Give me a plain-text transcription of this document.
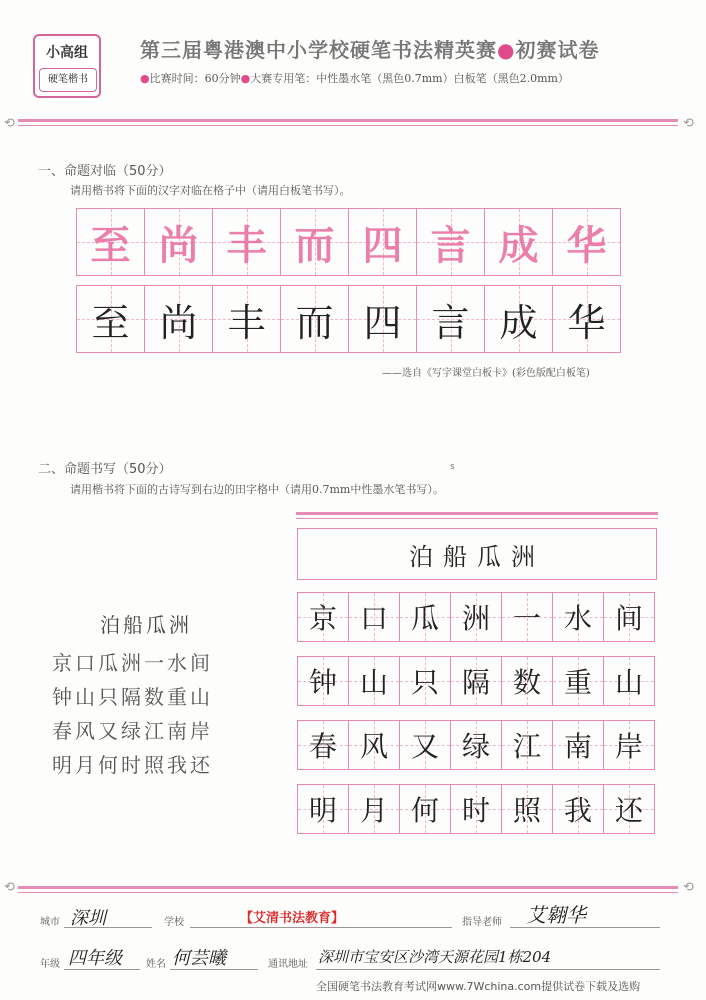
小高组
硬笔楷书
第三届粤港澳中小学校硬笔书法精英赛●初赛试卷
●比赛时间：60分钟●大赛专用笔：中性墨水笔（黑色0.7mm）白板笔（黑色2.0mm）
⟲	⟲
一、命题对临（50分）
请用楷书将下面的汉字对临在格子中（请用白板笔书写）。
至 尚 丰 而 四 言 成 华
至 尚 丰 而 四 言 成 华
——选自《写字课堂白板卡》(彩色版配白板笔)
二、命题书写（50分）	s
请用楷书将下面的古诗写到右边的田字格中（请用0.7mm中性墨水笔书写）。
泊船瓜洲
京口瓜洲一水间
钟山只隔数重山
春风又绿江南岸
明月何时照我还
泊船瓜洲
京 口 瓜 洲 一 水 间
钟 山 只 隔 数 重 山
春 风 又 绿 江 南 岸
明 月 何 时 照 我 还
⟲	⟲
城市 深圳	学校	【艾清书法教育】	指导老师 艾翱华
年级 四年级 姓名 何芸曦	通讯地址 深圳市宝安区沙湾天源花园1栋204
全国硬笔书法教育考试网www.7Wchina.com提供试卷下载及选购
